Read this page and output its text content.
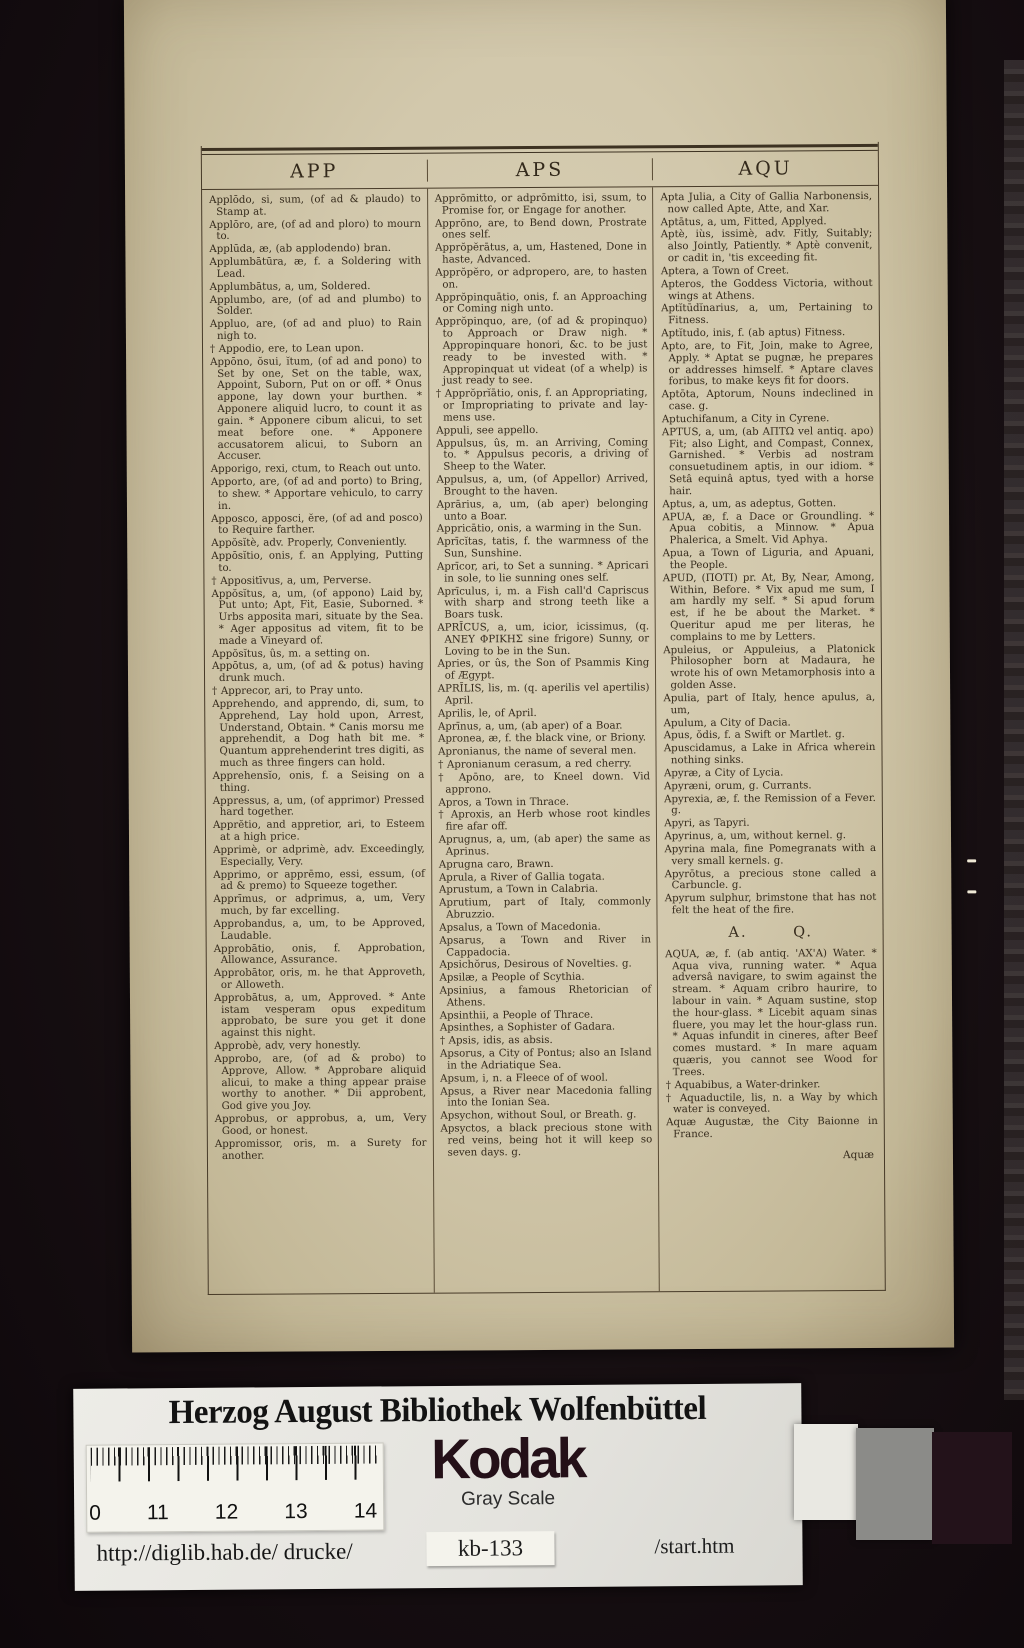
APP	APS	AQU

Applōdo, si, sum, (of ad & plaudo) to Stamp at.

Applōro, are, (of ad and ploro) to mourn to.

Applūda, æ, (ab applodendo) bran.

Applumbātūra, æ, f. a Soldering with Lead.

Applumbātus, a, um, Soldered.

Applumbo, are, (of ad and plumbo) to Solder.

Appluo, are, (of ad and pluo) to Rain nigh to.

† Appodio, ere, to Lean upon.

Appōno, ŏsui, ĭtum, (of ad and pono) to Set by one, Set on the table, wax, Appoint, Suborn, Put on or off. * Onus appone, lay down your burthen. * Apponere aliquid lucro, to count it as gain. * Apponere cibum alicui, to set meat before one. * Apponere accusatorem alicui, to Suborn an Accuser.

Apporigo, rexi, ctum, to Reach out unto.

Apporto, are, (of ad and porto) to Bring, to shew. * Apportare vehiculo, to carry in.

Apposco, apposci, ĕre, (of ad and posco) to Require farther.

Appŏsĭtè, adv. Properly, Conveniently.

Appōsĭtio, onis, f. an Applying, Putting to.

† Appositīvus, a, um, Perverse.

Appŏsĭtus, a, um, (of appono) Laid by, Put unto; Apt, Fit, Easie, Suborned. * Urbs apposita mari, situate by the Sea. * Ager appositus ad vitem, fit to be made a Vineyard of.

Appŏsĭtus, ûs, m. a setting on.

Appōtus, a, um, (of ad & potus) having drunk much.

† Apprecor, ari, to Pray unto.

Apprehendo, and apprendo, di, sum, to Apprehend, Lay hold upon, Arrest, Understand, Obtain. * Canis morsu me apprehendit, a Dog hath bit me. * Quantum apprehenderint tres digiti, as much as three fingers can hold.

Apprehensĭo, onis, f. a Seising on a thing.

Appressus, a, um, (of apprimor) Pressed hard together.

Apprĕtio, and appretior, ari, to Esteem at a high price.

Apprimè, or adprimè, adv. Exceedingly, Especially, Very.

Apprimo, or apprēmo, essi, essum, (of ad & premo) to Squeeze together.

Apprīmus, or adprimus, a, um, Very much, by far excelling.

Approbandus, a, um, to be Approved, Laudable.

Approbātio, onis, f. Approbation, Allowance, Assurance.

Approbātor, oris, m. he that Approveth, or Alloweth.

Approbātus, a, um, Approved. * Ante istam vesperam opus expeditum approbato, be sure you get it done against this night.

Approbè, adv, very honestly.

Approbo, are, (of ad & probo) to Approve, Allow. * Approbare aliquid alicui, to make a thing appear praise worthy to another. * Dii approbent, God give you Joy.

Approbus, or approbus, a, um, Very Good, or honest.

Appromissor, oris, m. a Surety for another.

Apprōmitto, or adprōmitto, isi, ssum, to Promise for, or Engage for another.

Apprōno, are, to Bend down, Prostrate ones self.

Apprŏpĕrātus, a, um, Hastened, Done in haste, Advanced.

Apprŏpĕro, or adpropero, are, to hasten on.

Apprŏpinquātio, onis, f. an Approaching or Coming nigh unto.

Apprŏpinquo, are, (of ad & propinquo) to Approach or Draw nigh. * Appropinquare honori, &c. to be just ready to be invested with. * Appropinquat ut videat (of a whelp) is just ready to see.

† Apprŏprĭātio, onis, f. an Appropriating, or Impropriating to private and lay-mens use.

Appuli, see appello.

Appulsus, ûs, m. an Arriving, Coming to. * Appulsus pecoris, a driving of Sheep to the Water.

Appulsus, a, um, (of Appellor) Arrived, Brought to the haven.

Aprārius, a, um, (ab aper) belonging unto a Boar.

Appricātio, onis, a warming in the Sun.

Aprīcĭtas, tatis, f. the warmness of the Sun, Sunshine.

Aprīcor, ari, to Set a sunning. * Apricari in sole, to lie sunning ones self.

Aprīculus, i, m. a Fish call'd Capriscus with sharp and strong teeth like a Boars tusk.

APRĪCUS, a, um, icior, icissimus, (q. ΑΝΕΥ ΦΡΙΚΗΣ sine frigore) Sunny, or Loving to be in the Sun.

Apries, or ûs, the Son of Psammis King of Ægypt.

APRĪLIS, lis, m. (q. aperilis vel apertilis) April.

Aprilis, le, of April.

Aprīnus, a, um, (ab aper) of a Boar.

Apronea, æ, f. the black vine, or Briony.

Apronianus, the name of several men.

† Apronianum cerasum, a red cherry.

† Apōno, are, to Kneel down. Vid approno.

Apros, a Town in Thrace.

† Aproxis, an Herb whose root kindles fire afar off.

Aprugnus, a, um, (ab aper) the same as Aprinus.

Aprugna caro, Brawn.

Aprula, a River of Gallia togata.

Aprustum, a Town in Calabria.

Aprutium, part of Italy, commonly Abruzzio.

Apsalus, a Town of Macedonia.

Apsarus, a Town and River in Cappadocia.

Apsichŏrus, Desirous of Novelties. g.

Apsilæ, a People of Scythia.

Apsinius, a famous Rhetorician of Athens.

Apsinthii, a People of Thrace.

Apsinthes, a Sophister of Gadara.

† Apsis, idis, as absis.

Apsorus, a City of Pontus; also an Island in the Adriatique Sea.

Apsum, i, n. a Fleece of of wool.

Apsus, a River near Macedonia falling into the Ionian Sea.

Apsychon, without Soul, or Breath. g.

Apsyctos, a black precious stone with red veins, being hot it will keep so seven days. g.

Apta Julia, a City of Gallia Narbonensis, now called Apte, Atte, and Xar.

Aptātus, a, um, Fitted, Applyed.

Aptè, iùs, issimè, adv. Fitly, Suitably; also Jointly, Patiently. * Aptè convenit, or cadit in, 'tis exceeding fit.

Aptera, a Town of Creet.

Apteros, the Goddess Victoria, without wings at Athens.

Aptĭtūdĭnarius, a, um, Pertaining to Fitness.

Aptĭtudo, inis, f. (ab aptus) Fitness.

Apto, are, to Fit, Join, make to Agree, Apply. * Aptat se pugnæ, he prepares or addresses himself. * Aptare claves foribus, to make keys fit for doors.

Aptōta, Aptorum, Nouns indeclined in case. g.

Aptuchifanum, a City in Cyrene.

APTUS, a, um, (ab ΑΠΤΩ vel antiq. apo) Fit; also Light, and Compast, Connex, Garnished. * Verbis ad nostram consuetudinem aptis, in our idiom. * Setâ equinâ aptus, tyed with a horse hair.

Aptus, a, um, as adeptus, Gotten.

APUA, æ, f. a Dace or Groundling. * Apua cobitis, a Minnow. * Apua Phalerica, a Smelt. Vid Aphya.

Apua, a Town of Liguria, and Apuani, the People.

APUD, (ΠΟΤΙ) pr. At, By, Near, Among, Within, Before. * Vix apud me sum, I am hardly my self. * Si apud forum est, if he be about the Market. * Queritur apud me per literas, he complains to me by Letters.

Apuleius, or Appuleius, a Platonick Philosopher born at Madaura, he wrote his of own Metamorphosis into a golden Asse.

Apulia, part of Italy, hence apulus, a, um,

Apulum, a City of Dacia.

Apus, ŏdis, f. a Swift or Martlet. g.

Apuscidamus, a Lake in Africa wherein nothing sinks.

Apyræ, a City of Lycia.

Apyræni, orum, g. Currants.

Apyrexia, æ, f. the Remission of a Fever. g.

Apyri, as Tapyri.

Apyrinus, a, um, without kernel. g.

Apyrina mala, fine Pomegranats with a very small kernels. g.

Apyrōtus, a precious stone called a Carbuncle. g.

Apyrum sulphur, brimstone that has not felt the heat of the fire.

A.	Q.

AQUA, æ, f. (ab antiq. 'ΑΧ'Α) Water. * Aqua viva, running water. * Aqua adversâ navigare, to swim against the stream. * Aquam cribro haurire, to labour in vain. * Aquam sustine, stop the hour-glass. * Licebit aquam sinas fluere, you may let the hour-glass run. * Aquas infundit in cineres, after Beef comes mustard. * In mare aquam quæris, you cannot see Wood for Trees.

† Aquabibus, a Water-drinker.

† Aquaductile, lis, n. a Way by which water is conveyed.

Aquæ Augustæ, the City Baionne in France.

Aquæ

Herzog August Bibliothek Wolfenbüttel
0 11 12 13 14
Kodak
Gray Scale
kb-133	/start.htm
http://diglib.hab.de/ drucke/
